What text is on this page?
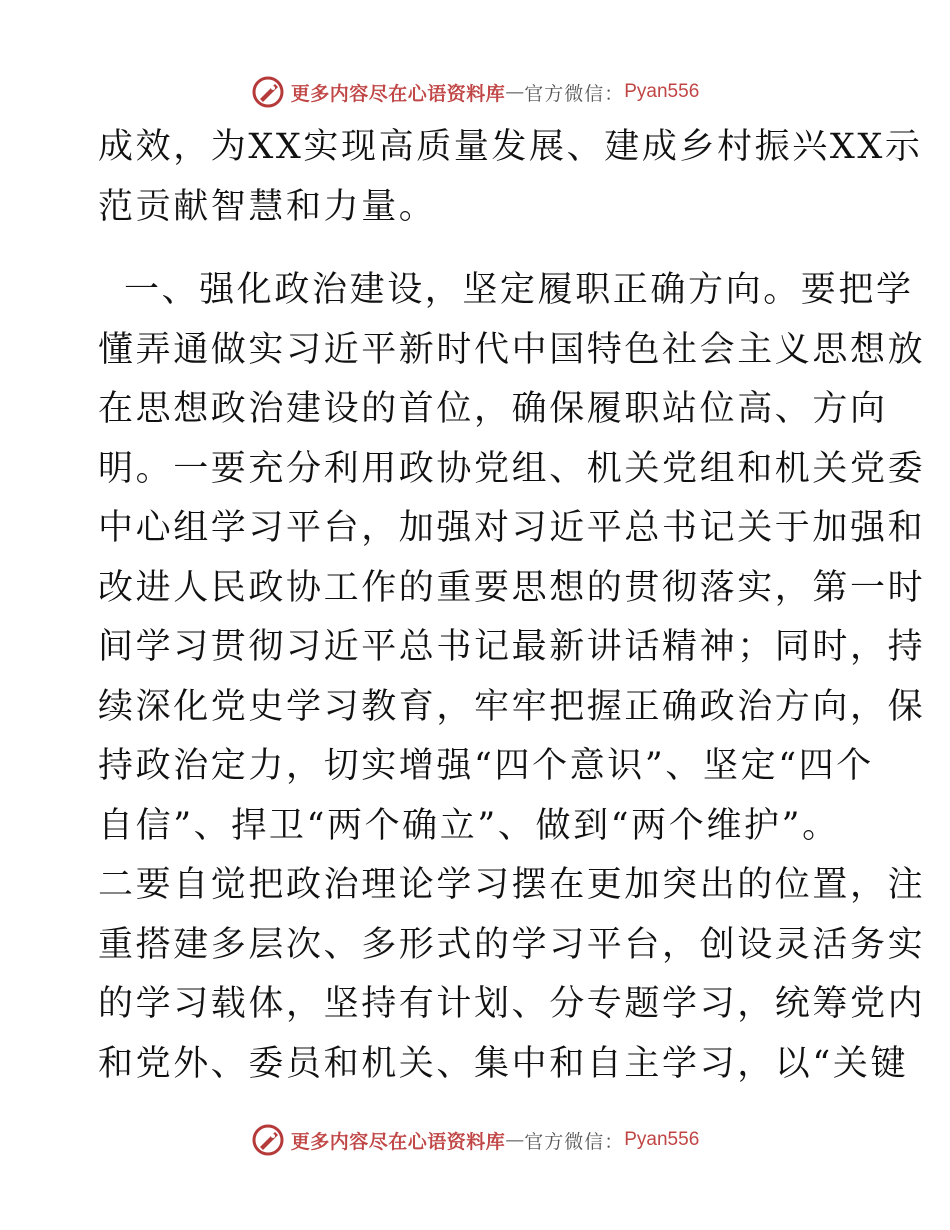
更多内容尽在心语资料库 — 官方微信： Pyan556
成效，为XX实现高质量发展、建成乡村振兴XX示
范贡献智慧和力量。
一、强化政治建设，坚定履职正确方向。要把学
懂弄通做实习近平新时代中国特色社会主义思想放
在思想政治建设的首位，确保履职站位高、方向
明。一要充分利用政协党组、机关党组和机关党委
中心组学习平台，加强对习近平总书记关于加强和
改进人民政协工作的重要思想的贯彻落实，第一时
间学习贯彻习近平总书记最新讲话精神；同时，持
续深化党史学习教育，牢牢把握正确政治方向，保
持政治定力，切实增强“四个意识”、坚定“四个
自信”、捍卫“两个确立”、做到“两个维护”。
二要自觉把政治理论学习摆在更加突出的位置，注
重搭建多层次、多形式的学习平台，创设灵活务实
的学习载体，坚持有计划、分专题学习，统筹党内
和党外、委员和机关、集中和自主学习，以“关键
更多内容尽在心语资料库 — 官方微信： Pyan556
